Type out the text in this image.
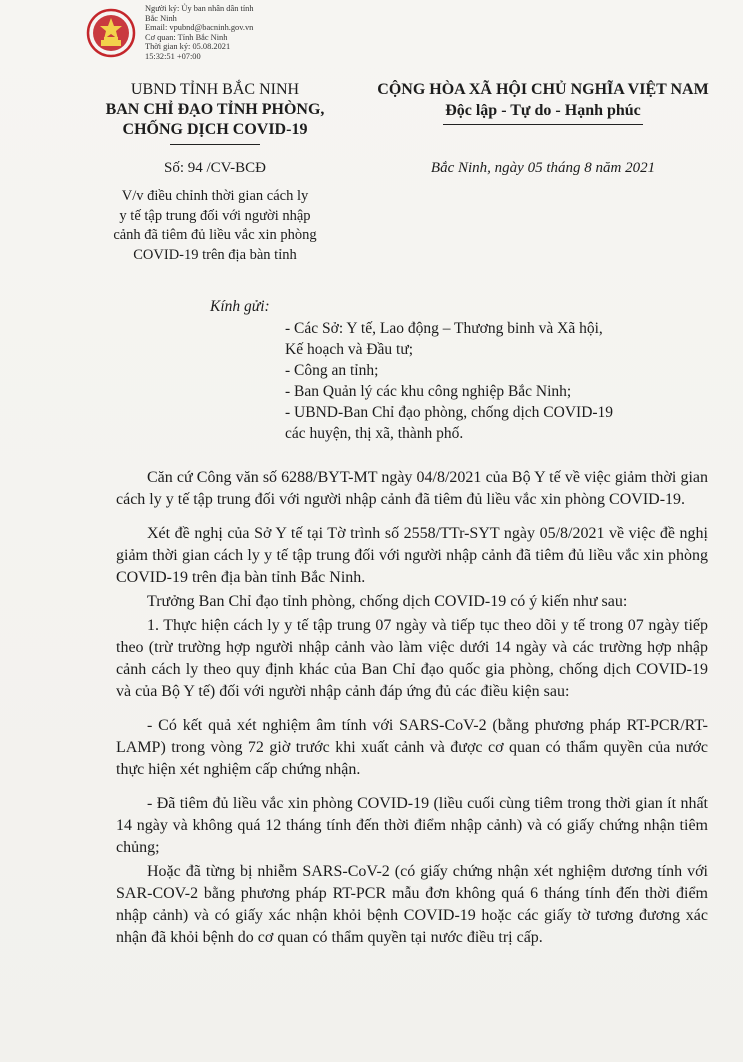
Người ký: Ủy ban nhân dân tỉnh
Bắc Ninh
Email: vpubnd@bacninh.gov.vn
Cơ quan: Tỉnh Bắc Ninh
Thời gian ký: 05.08.2021
15:32:51 +07:00
UBND TỈNH BẮC NINH
BAN CHỈ ĐẠO TỈNH PHÒNG,
CHỐNG DỊCH COVID-19
CỘNG HÒA XÃ HỘI CHỦ NGHĨA VIỆT NAM
Độc lập - Tự do - Hạnh phúc
Số: 94 /CV-BCĐ	Bắc Ninh, ngày 05 tháng 8 năm 2021
V/v điều chỉnh thời gian cách ly
y tế tập trung đối với người nhập
cảnh đã tiêm đủ liều vắc xin phòng
COVID-19 trên địa bàn tỉnh
Kính gửi:
- Các Sở: Y tế, Lao động – Thương binh và Xã hội,
Kế hoạch và Đầu tư;
- Công an tỉnh;
- Ban Quản lý các khu công nghiệp Bắc Ninh;
- UBND-Ban Chỉ đạo phòng, chống dịch COVID-19
các huyện, thị xã, thành phố.

Căn cứ Công văn số 6288/BYT-MT ngày 04/8/2021 của Bộ Y tế về việc giảm thời gian cách ly y tế tập trung đối với người nhập cảnh đã tiêm đủ liều vắc xin phòng COVID-19.

Xét đề nghị của Sở Y tế tại Tờ trình số 2558/TTr-SYT ngày 05/8/2021 về việc đề nghị giảm thời gian cách ly y tế tập trung đối với người nhập cảnh đã tiêm đủ liều vắc xin phòng COVID-19 trên địa bàn tỉnh Bắc Ninh.

Trưởng Ban Chỉ đạo tỉnh phòng, chống dịch COVID-19 có ý kiến như sau:

1. Thực hiện cách ly y tế tập trung 07 ngày và tiếp tục theo dõi y tế trong 07 ngày tiếp theo (trừ trường hợp người nhập cảnh vào làm việc dưới 14 ngày và các trường hợp nhập cảnh cách ly theo quy định khác của Ban Chỉ đạo quốc gia phòng, chống dịch COVID-19 và của Bộ Y tế) đối với người nhập cảnh đáp ứng đủ các điều kiện sau:

- Có kết quả xét nghiệm âm tính với SARS-CoV-2 (bằng phương pháp RT-PCR/RT-LAMP) trong vòng 72 giờ trước khi xuất cảnh và được cơ quan có thẩm quyền của nước thực hiện xét nghiệm cấp chứng nhận.

- Đã tiêm đủ liều vắc xin phòng COVID-19 (liều cuối cùng tiêm trong thời gian ít nhất 14 ngày và không quá 12 tháng tính đến thời điểm nhập cảnh) và có giấy chứng nhận tiêm chủng;

Hoặc đã từng bị nhiễm SARS-CoV-2 (có giấy chứng nhận xét nghiệm dương tính với SAR-COV-2 bằng phương pháp RT-PCR mẫu đơn không quá 6 tháng tính đến thời điểm nhập cảnh) và có giấy xác nhận khỏi bệnh COVID-19 hoặc các giấy tờ tương đương xác nhận đã khỏi bệnh do cơ quan có thẩm quyền tại nước điều trị cấp.
